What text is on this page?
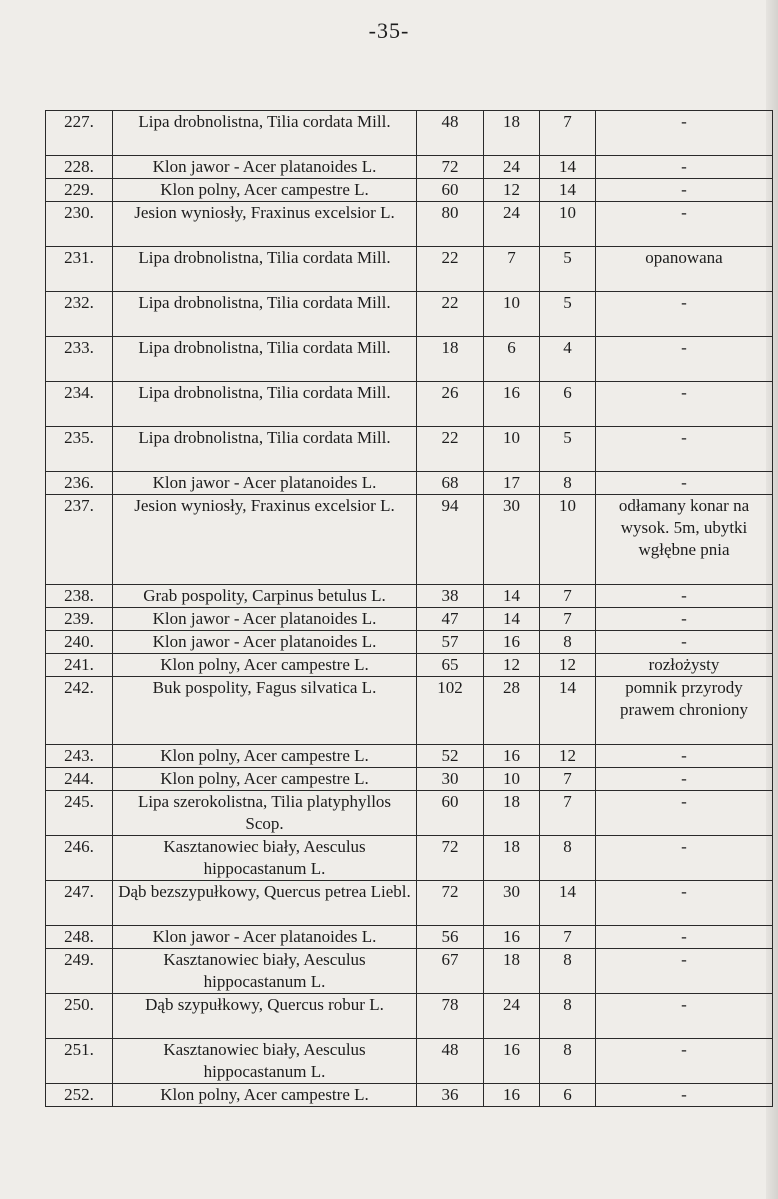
-35-
227.	Lipa drobnolistna, Tilia cordata Mill.	48	18	7	-
228.	Klon jawor - Acer platanoides L.	72	24	14	-
229.	Klon polny, Acer campestre L.	60	12	14	-
230.	Jesion wyniosły, Fraxinus excelsior L.	80	24	10	-
231.	Lipa drobnolistna, Tilia cordata Mill.	22	7	5	opanowana
232.	Lipa drobnolistna, Tilia cordata Mill.	22	10	5	-
233.	Lipa drobnolistna, Tilia cordata Mill.	18	6	4	-
234.	Lipa drobnolistna, Tilia cordata Mill.	26	16	6	-
235.	Lipa drobnolistna, Tilia cordata Mill.	22	10	5	-
236.	Klon jawor - Acer platanoides L.	68	17	8	-
237.	Jesion wyniosły, Fraxinus excelsior L.	94	30	10	odłamany konar na wysok. 5m, ubytki wgłębne pnia
238.	Grab pospolity, Carpinus betulus L.	38	14	7	-
239.	Klon jawor - Acer platanoides L.	47	14	7	-
240.	Klon jawor - Acer platanoides L.	57	16	8	-
241.	Klon polny, Acer campestre L.	65	12	12	rozłożysty
242.	Buk pospolity, Fagus silvatica L.	102	28	14	pomnik przyrody prawem chroniony
243.	Klon polny, Acer campestre L.	52	16	12	-
244.	Klon polny, Acer campestre L.	30	10	7	-
245.	Lipa szerokolistna, Tilia platyphyllos Scop.	60	18	7	-
246.	Kasztanowiec biały, Aesculus hippocastanum L.	72	18	8	-
247.	Dąb bezszypułkowy, Quercus petrea Liebl.	72	30	14	-
248.	Klon jawor - Acer platanoides L.	56	16	7	-
249.	Kasztanowiec biały, Aesculus hippocastanum L.	67	18	8	-
250.	Dąb szypułkowy, Quercus robur L.	78	24	8	-
251.	Kasztanowiec biały, Aesculus hippocastanum L.	48	16	8	-
252.	Klon polny, Acer campestre L.	36	16	6	-
